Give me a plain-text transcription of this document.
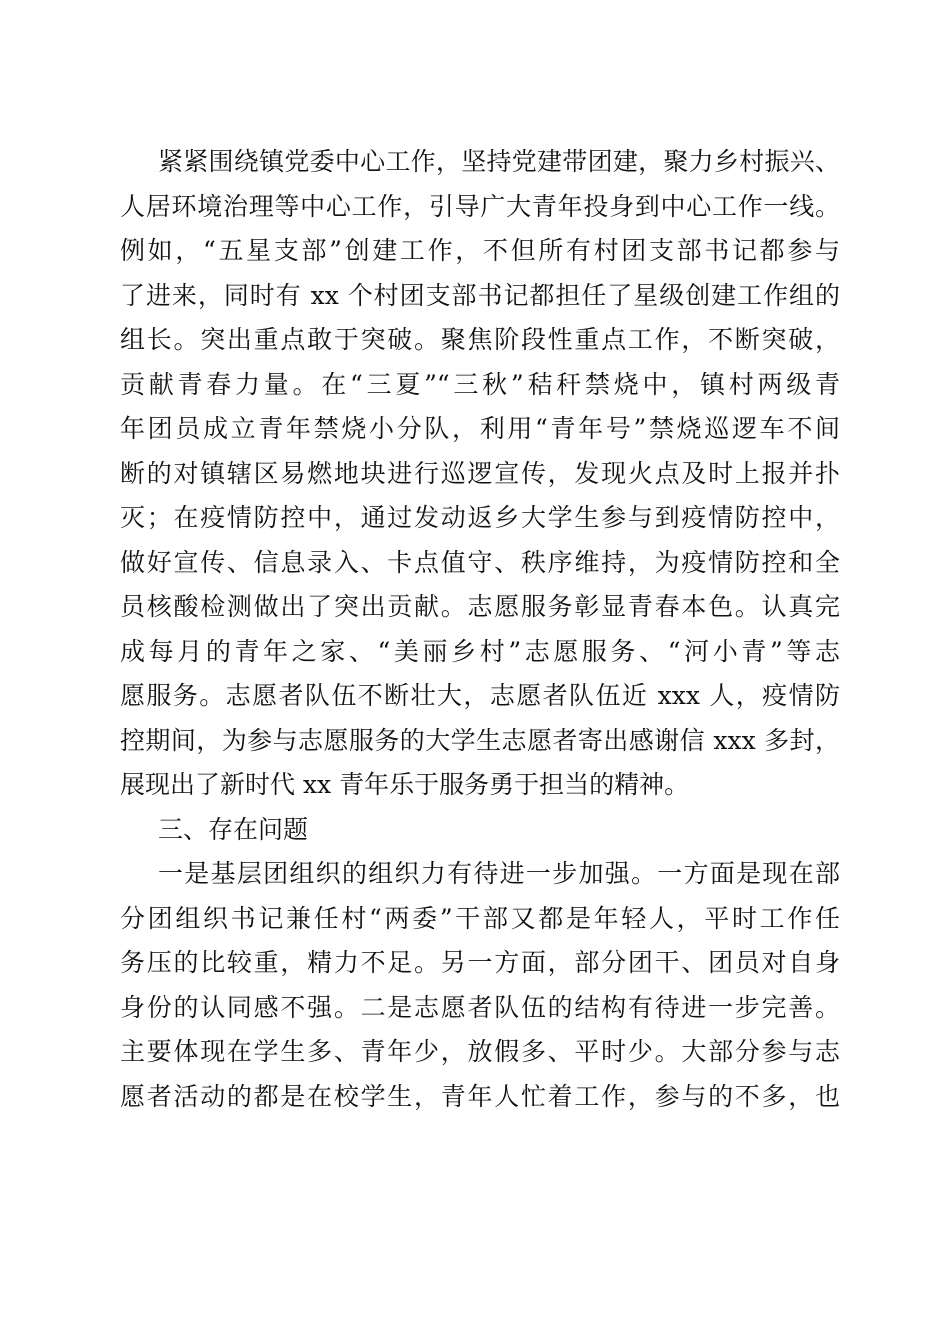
紧紧围绕镇党委中心工作，坚持党建带团建，聚力乡村振兴、
人居环境治理等中心工作，引导广大青年投身到中心工作一线。
例如，“五星支部”创建工作，不但所有村团支部书记都参与
了进来，同时有 xx 个村团支部书记都担任了星级创建工作组的
组长。突出重点敢于突破。聚焦阶段性重点工作，不断突破，
贡献青春力量。在“三夏”“三秋”秸秆禁烧中，镇村两级青
年团员成立青年禁烧小分队，利用“青年号”禁烧巡逻车不间
断的对镇辖区易燃地块进行巡逻宣传，发现火点及时上报并扑
灭；在疫情防控中，通过发动返乡大学生参与到疫情防控中，
做好宣传、信息录入、卡点值守、秩序维持，为疫情防控和全
员核酸检测做出了突出贡献。志愿服务彰显青春本色。认真完
成每月的青年之家、“美丽乡村”志愿服务、“河小青”等志
愿服务。志愿者队伍不断壮大，志愿者队伍近 xxx 人，疫情防
控期间，为参与志愿服务的大学生志愿者寄出感谢信 xxx 多封，
展现出了新时代 xx 青年乐于服务勇于担当的精神。
三、存在问题
一是基层团组织的组织力有待进一步加强。一方面是现在部
分团组织书记兼任村“两委”干部又都是年轻人，平时工作任
务压的比较重，精力不足。另一方面，部分团干、团员对自身
身份的认同感不强。二是志愿者队伍的结构有待进一步完善。
主要体现在学生多、青年少，放假多、平时少。大部分参与志
愿者活动的都是在校学生，青年人忙着工作，参与的不多，也
